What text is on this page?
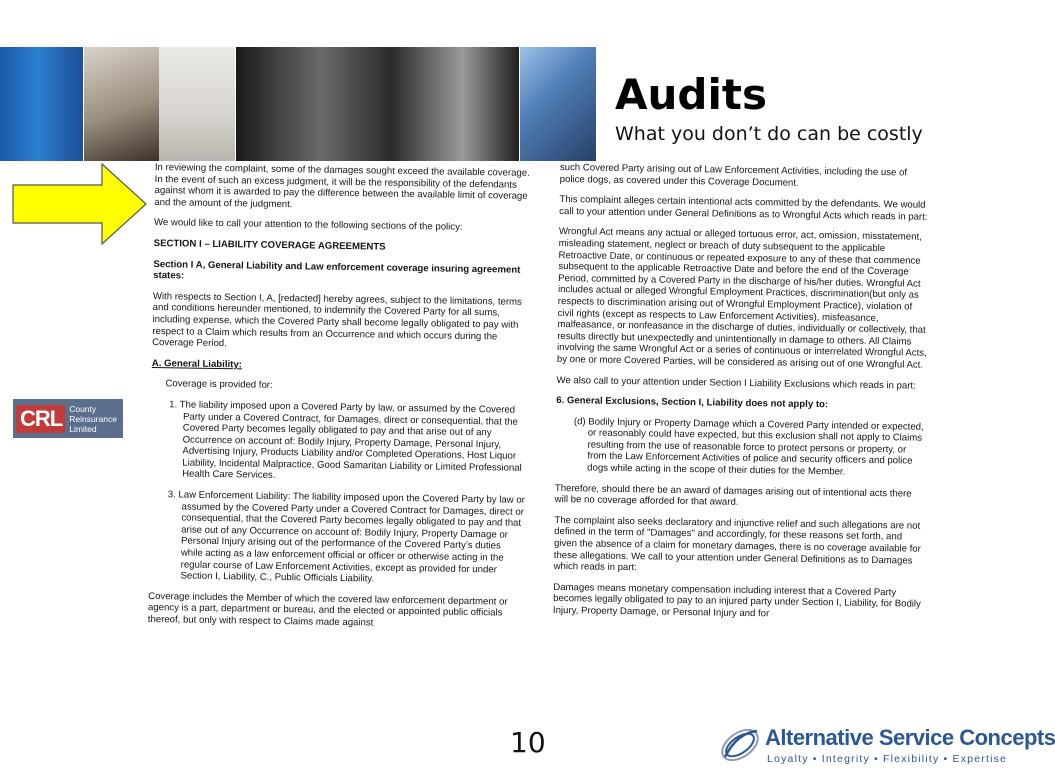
Audits
What you don’t do can be costly
CRL County
Reinsurance
Limited

In reviewing the complaint, some of the damages sought exceed the available coverage. In the event of such an excess judgment, it will be the responsibility of the defendants against whom it is awarded to pay the difference between the available limit of coverage and the amount of the judgment.

We would like to call your attention to the following sections of the policy:

SECTION I – LIABILITY COVERAGE AGREEMENTS

Section I A, General Liability and Law enforcement coverage insuring agreement states:

With respects to Section I, A, [redacted] hereby agrees, subject to the limitations, terms and conditions hereunder mentioned, to indemnify the Covered Party for all sums, including expense, which the Covered Party shall become legally obligated to pay with respect to a Claim which results from an Occurrence and which occurs during the Coverage Period.

A. General Liability:

Coverage is provided for:

1. The liability imposed upon a Covered Party by law, or assumed by the Covered Party under a Covered Contract, for Damages, direct or consequential, that the Covered Party becomes legally obligated to pay and that arise out of any Occurrence on account of: Bodily Injury, Property Damage, Personal Injury, Advertising Injury, Products Liability and/or Completed Operations, Host Liquor Liability, Incidental Malpractice, Good Samaritan Liability or Limited Professional Health Care Services.

3. Law Enforcement Liability: The liability imposed upon the Covered Party by law or assumed by the Covered Party under a Covered Contract for Damages, direct or consequential, that the Covered Party becomes legally obligated to pay and that arise out of any Occurrence on account of: Bodily Injury, Property Damage or Personal Injury arising out of the performance of the Covered Party’s duties while acting as a law enforcement official or officer or otherwise acting in the regular course of Law Enforcement Activities, except as provided for under Section I, Liability, C., Public Officials Liability.

Coverage includes the Member of which the covered law enforcement department or agency is a part, department or bureau, and the elected or appointed public officials thereof, but only with respect to Claims made against

such Covered Party arising out of Law Enforcement Activities, including the use of police dogs, as covered under this Coverage Document.

This complaint alleges certain intentional acts committed by the defendants. We would call to your attention under General Definitions as to Wrongful Acts which reads in part:

Wrongful Act means any actual or alleged tortuous error, act, omission, misstatement, misleading statement, neglect or breach of duty subsequent to the applicable Retroactive Date, or continuous or repeated exposure to any of these that commence subsequent to the applicable Retroactive Date and before the end of the Coverage Period, committed by a Covered Party in the discharge of his/her duties. Wrongful Act includes actual or alleged Wrongful Employment Practices, discrimination(but only as respects to discrimination arising out of Wrongful Employment Practice), violation of civil rights (except as respects to Law Enforcement Activities), misfeasance, malfeasance, or nonfeasance in the discharge of duties, individually or collectively, that results directly but unexpectedly and unintentionally in damage to others. All Claims involving the same Wrongful Act or a series of continuous or interrelated Wrongful Acts, by one or more Covered Parties, will be considered as arising out of one Wrongful Act.

We also call to your attention under Section I Liability Exclusions which reads in part:

6. General Exclusions, Section I, Liability does not apply to:

(d) Bodily Injury or Property Damage which a Covered Party intended or expected, or reasonably could have expected, but this exclusion shall not apply to Claims resulting from the use of reasonable force to protect persons or property, or from the Law Enforcement Activities of police and security officers and police dogs while acting in the scope of their duties for the Member.

Therefore, should there be an award of damages arising out of intentional acts there will be no coverage afforded for that award.

The complaint also seeks declaratory and injunctive relief and such allegations are not defined in the term of "Damages" and accordingly, for these reasons set forth, and given the absence of a claim for monetary damages, there is no coverage available for these allegations. We call to your attention under General Definitions as to Damages which reads in part:

Damages means monetary compensation including interest that a Covered Party becomes legally obligated to pay to an injured party under Section I, Liability, for Bodily Injury, Property Damage, or Personal Injury and for

10	Alternative Service Concepts
Loyalty • Integrity • Flexibility • Expertise
